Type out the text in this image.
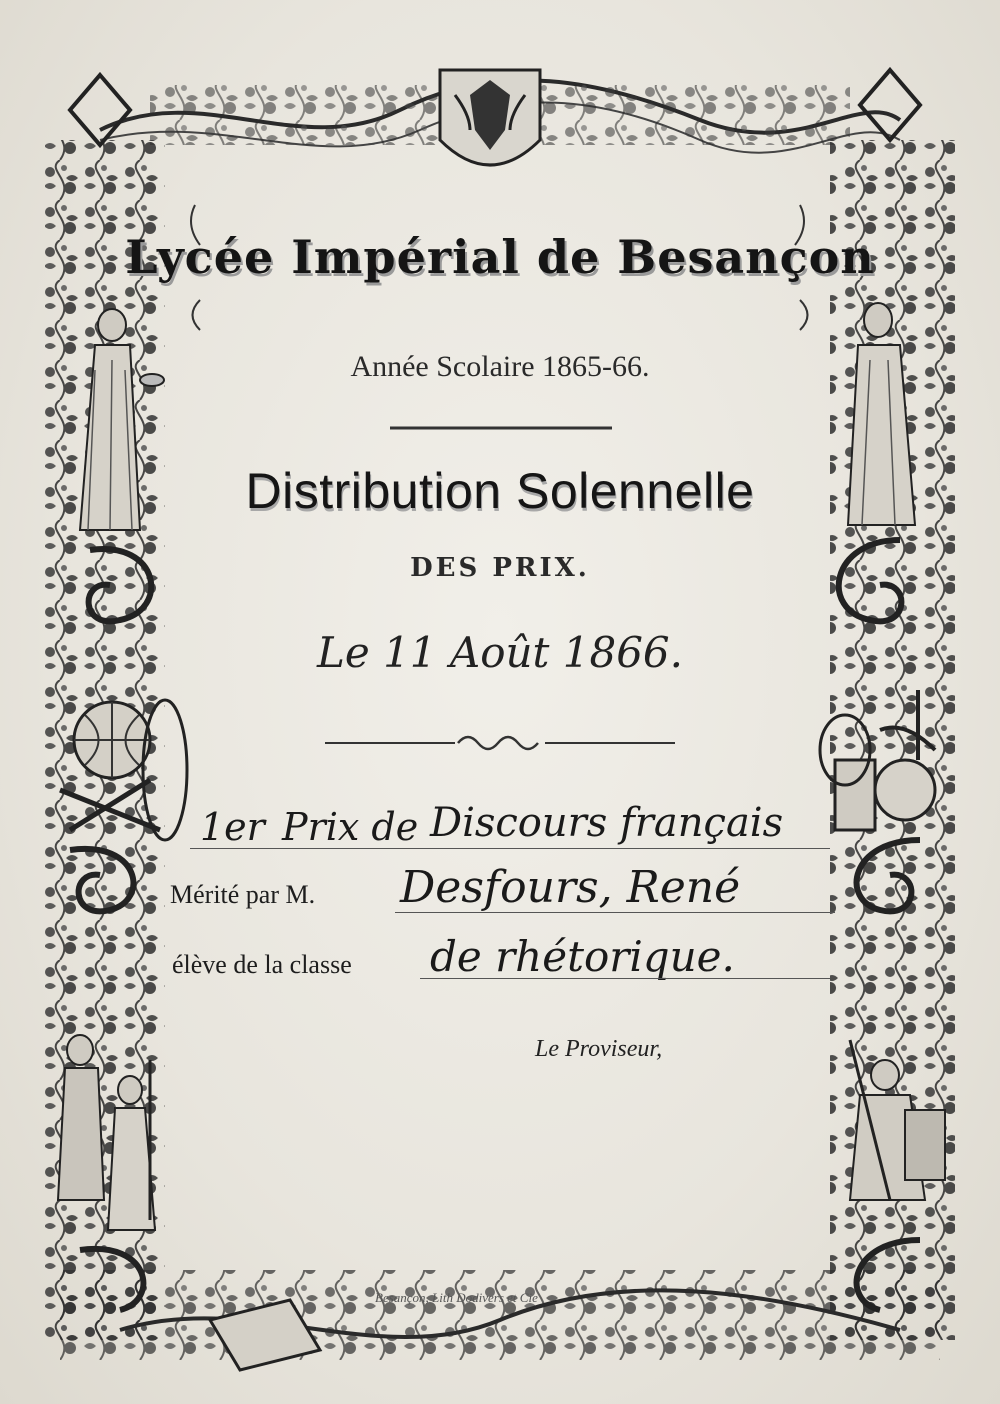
Lycée Impérial de Besançon
Année Scolaire 1865-66.
Distribution Solennelle
DES PRIX.
Le 11 Août 1866.
1er Prix de Discours français
Mérité par M. Desfours, René
élève de la classe de rhétorique.
Le Proviseur,
Besançon, Lith Dodivers et Cie
